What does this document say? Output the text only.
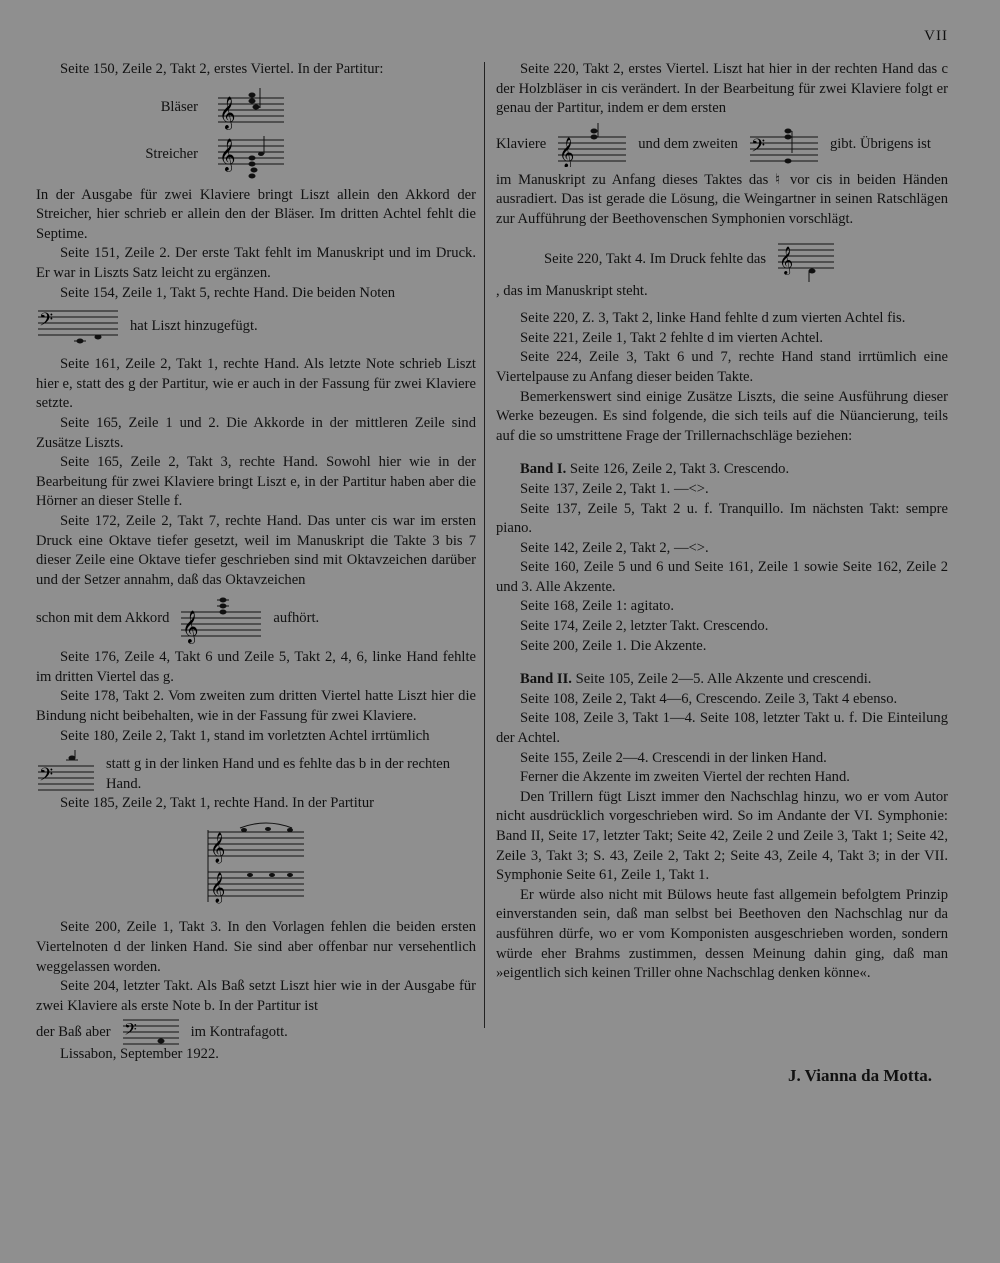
VII

Seite 150, Zeile 2, Takt 2, erstes Viertel. In der Partitur:

Bläser 𝄞
Streicher 𝄞

In der Ausgabe für zwei Klaviere bringt Liszt allein den Akkord der Streicher, hier schrieb er allein den der Bläser. Im dritten Achtel fehlt die Septime.

Seite 151, Zeile 2. Der erste Takt fehlt im Manuskript und im Druck. Er war in Liszts Satz leicht zu ergänzen.

Seite 154, Zeile 1, Takt 5, rechte Hand. Die beiden Noten

𝄢	hat Liszt hinzugefügt.

Seite 161, Zeile 2, Takt 1, rechte Hand. Als letzte Note schrieb Liszt hier e, statt des g der Partitur, wie er auch in der Fassung für zwei Klaviere setzte.

Seite 165, Zeile 1 und 2. Die Akkorde in der mittleren Zeile sind Zusätze Liszts.

Seite 165, Zeile 2, Takt 3, rechte Hand. Sowohl hier wie in der Bearbeitung für zwei Klaviere bringt Liszt e, in der Partitur haben aber die Hörner an dieser Stelle f.

Seite 172, Zeile 2, Takt 7, rechte Hand. Das unter cis war im ersten Druck eine Oktave tiefer gesetzt, weil im Manuskript die Takte 3 bis 7 dieser Zeile eine Oktave tiefer geschrieben sind mit Oktavzeichen darüber und der Setzer annahm, daß das Oktavzeichen

schon mit dem Akkord 𝄞	aufhört.

Seite 176, Zeile 4, Takt 6 und Zeile 5, Takt 2, 4, 6, linke Hand fehlte im dritten Viertel das g.

Seite 178, Takt 2. Vom zweiten zum dritten Viertel hatte Liszt hier die Bindung nicht beibehalten, wie in der Fassung für zwei Klaviere.

Seite 180, Zeile 2, Takt 1, stand im vorletzten Achtel irrtümlich

𝄢
statt g in der linken Hand und es fehlte das b in der rechten Hand.

Seite 185, Zeile 2, Takt 1, rechte Hand. In der Partitur

𝄞
𝄞

Seite 200, Zeile 1, Takt 3. In den Vorlagen fehlen die beiden ersten Viertelnoten d der linken Hand. Sie sind aber offenbar nur versehentlich weggelassen worden.

Seite 204, letzter Takt. Als Baß setzt Liszt hier wie in der Ausgabe für zwei Klaviere als erste Note b. In der Partitur ist

der Baß aber 𝄢	im Kontrafagott.

Seite 220, Takt 2, erstes Viertel. Liszt hat hier in der rechten Hand das c der Holzbläser in cis verändert. In der Bearbeitung für zwei Klaviere folgt er genau der Partitur, indem er dem ersten

Klaviere 𝄞	und dem zweiten 𝄢	gibt. Übrigens ist

im Manuskript zu Anfang dieses Taktes das ♮ vor cis in beiden Händen ausradiert. Das ist gerade die Lösung, die Weingartner in seinen Ratschlägen zur Aufführung der Beethovenschen Symphonien vorschlägt.

Seite 220, Takt 4. Im Druck fehlte das 𝄞

, das im Manuskript steht.

Seite 220, Z. 3, Takt 2, linke Hand fehlte d zum vierten Achtel fis.

Seite 221, Zeile 1, Takt 2 fehlte d im vierten Achtel.

Seite 224, Zeile 3, Takt 6 und 7, rechte Hand stand irrtümlich eine Viertelpause zu Anfang dieser beiden Takte.

Bemerkenswert sind einige Zusätze Liszts, die seine Ausführung dieser Werke bezeugen. Es sind folgende, die sich teils auf die Nüancierung, teils auf die so umstrittene Frage der Trillernachschläge beziehen:

Band I. Seite 126, Zeile 2, Takt 3. Crescendo.

Seite 137, Zeile 2, Takt 1. —<>.

Seite 137, Zeile 5, Takt 2 u. f. Tranquillo. Im nächsten Takt: sempre piano.

Seite 142, Zeile 2, Takt 2, —<>.

Seite 160, Zeile 5 und 6 und Seite 161, Zeile 1 sowie Seite 162, Zeile 2 und 3. Alle Akzente.

Seite 168, Zeile 1: agitato.

Seite 174, Zeile 2, letzter Takt. Crescendo.

Seite 200, Zeile 1. Die Akzente.

Band II. Seite 105, Zeile 2—5. Alle Akzente und crescendi.

Seite 108, Zeile 2, Takt 4—6, Crescendo. Zeile 3, Takt 4 ebenso.

Seite 108, Zeile 3, Takt 1—4. Seite 108, letzter Takt u. f. Die Einteilung der Achtel.

Seite 155, Zeile 2—4. Crescendi in der linken Hand.

Ferner die Akzente im zweiten Viertel der rechten Hand.

Den Trillern fügt Liszt immer den Nachschlag hinzu, wo er vom Autor nicht ausdrücklich vorgeschrieben wird. So im Andante der VI. Symphonie: Band II, Seite 17, letzter Takt; Seite 42, Zeile 2 und Zeile 3, Takt 1; Seite 42, Zeile 3, Takt 3; S. 43, Zeile 2, Takt 2; Seite 43, Zeile 4, Takt 3; in der VII. Symphonie Seite 61, Zeile 1, Takt 1.

Er würde also nicht mit Bülows heute fast allgemein befolgtem Prinzip einverstanden sein, daß man selbst bei Beethoven den Nachschlag nur da ausführen dürfe, wo er vom Komponisten ausgeschrieben worden, sondern würde eher Brahms zustimmen, dessen Meinung dahin ging, daß man »eigentlich sich keinen Triller ohne Nachschlag denken könne«.

Lissabon, September 1922.
J. Vianna da Motta.
